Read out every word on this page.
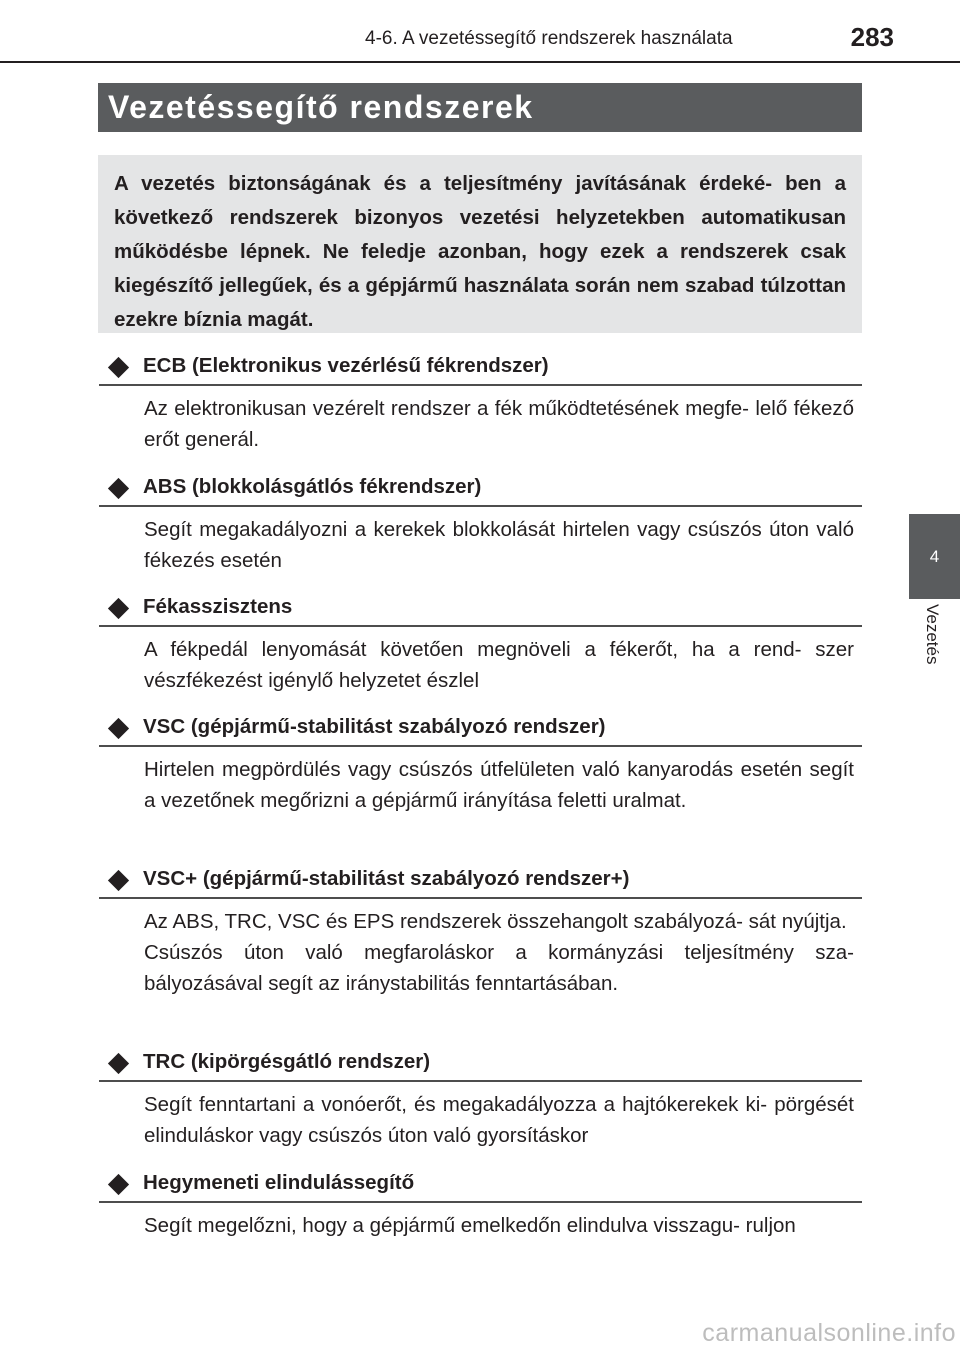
4-6. A vezetéssegítő rendszerek használata	283
Vezetéssegítő rendszerek

A vezetés biztonságának és a teljesítmény javításának érdeké- ben a következő rendszerek bizonyos vezetési helyzetekben automatikusan működésbe lépnek. Ne feledje azonban, hogy ezek a rendszerek csak kiegészítő jellegűek, és a gépjármű használata során nem szabad túlzottan ezekre bíznia magát.

ECB (Elektronikus vezérlésű fékrendszer)

Az elektronikusan vezérelt rendszer a fék működtetésének megfe- lelő fékező erőt generál.

ABS (blokkolásgátlós fékrendszer)

Segít megakadályozni a kerekek blokkolását hirtelen vagy csúszós úton való fékezés esetén

Fékasszisztens

A fékpedál lenyomását követően megnöveli a fékerőt, ha a rend- szer vészfékezést igénylő helyzetet észlel

VSC (gépjármű-stabilitást szabályozó rendszer)

Hirtelen megpördülés vagy csúszós útfelületen való kanyarodás esetén segít a vezetőnek megőrizni a gépjármű irányítása feletti uralmat.

VSC+ (gépjármű-stabilitást szabályozó rendszer+)

Az ABS, TRC, VSC és EPS rendszerek összehangolt szabályozá- sát nyújtja.

Csúszós úton való megfaroláskor a kormányzási teljesítmény sza- bályozásával segít az iránystabilitás fenntartásában.

TRC (kipörgésgátló rendszer)

Segít fenntartani a vonóerőt, és megakadályozza a hajtókerekek ki- pörgését elinduláskor vagy csúszós úton való gyorsításkor

Hegymeneti elindulássegítő

Segít megelőzni, hogy a gépjármű emelkedőn elindulva visszagu- ruljon

4
Vezetés
carmanualsonline.info
